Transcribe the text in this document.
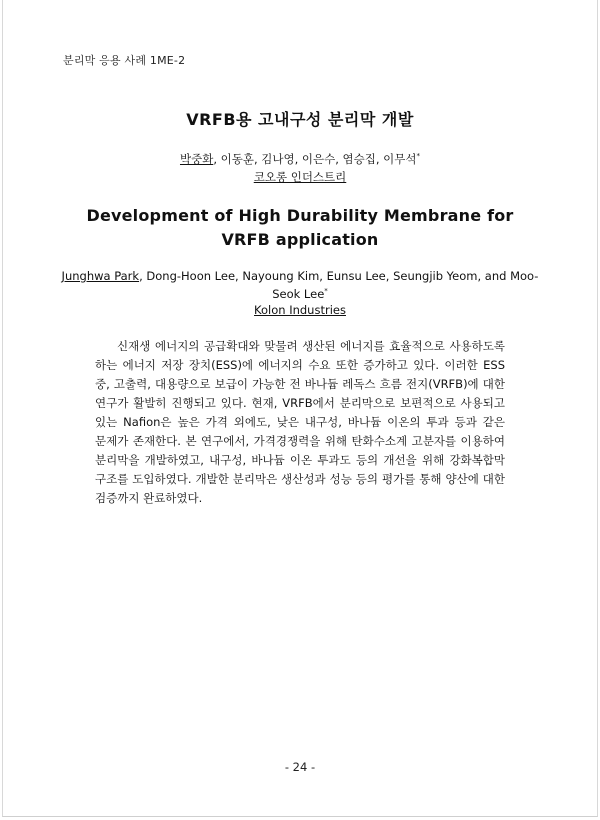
분리막 응용 사례 1ME-2
VRFB용 고내구성 분리막 개발
박중화, 이동훈, 김나영, 이은수, 염승집, 이무석*
코오롱 인더스트리
Development of High Durability Membrane for VRFB application
Junghwa Park, Dong-Hoon Lee, Nayoung Kim, Eunsu Lee, Seungjib Yeom, and Moo-Seok Lee*
Kolon Industries

신재생 에너지의 공급확대와 맞물려 생산된 에너지를 효율적으로 사용하도록 하는 에너지 저장 장치(ESS)에 에너지의 수요 또한 증가하고 있다. 이러한 ESS 중, 고출력, 대용량으로 보급이 가능한 전 바나듐 레독스 흐름 전지(VRFB)에 대한 연구가 활발히 진행되고 있다. 현재, VRFB에서 분리막으로 보편적으로 사용되고 있는 Nafion은 높은 가격 외에도, 낮은 내구성, 바나듐 이온의 투과 등과 같은 문제가 존재한다. 본 연구에서, 가격경쟁력을 위해 탄화수소계 고분자를 이용하여 분리막을 개발하였고, 내구성, 바나듐 이온 투과도 등의 개선을 위해 강화복합막 구조를 도입하였다. 개발한 분리막은 생산성과 성능 등의 평가를 통해 양산에 대한 검증까지 완료하였다.

- 24 -
